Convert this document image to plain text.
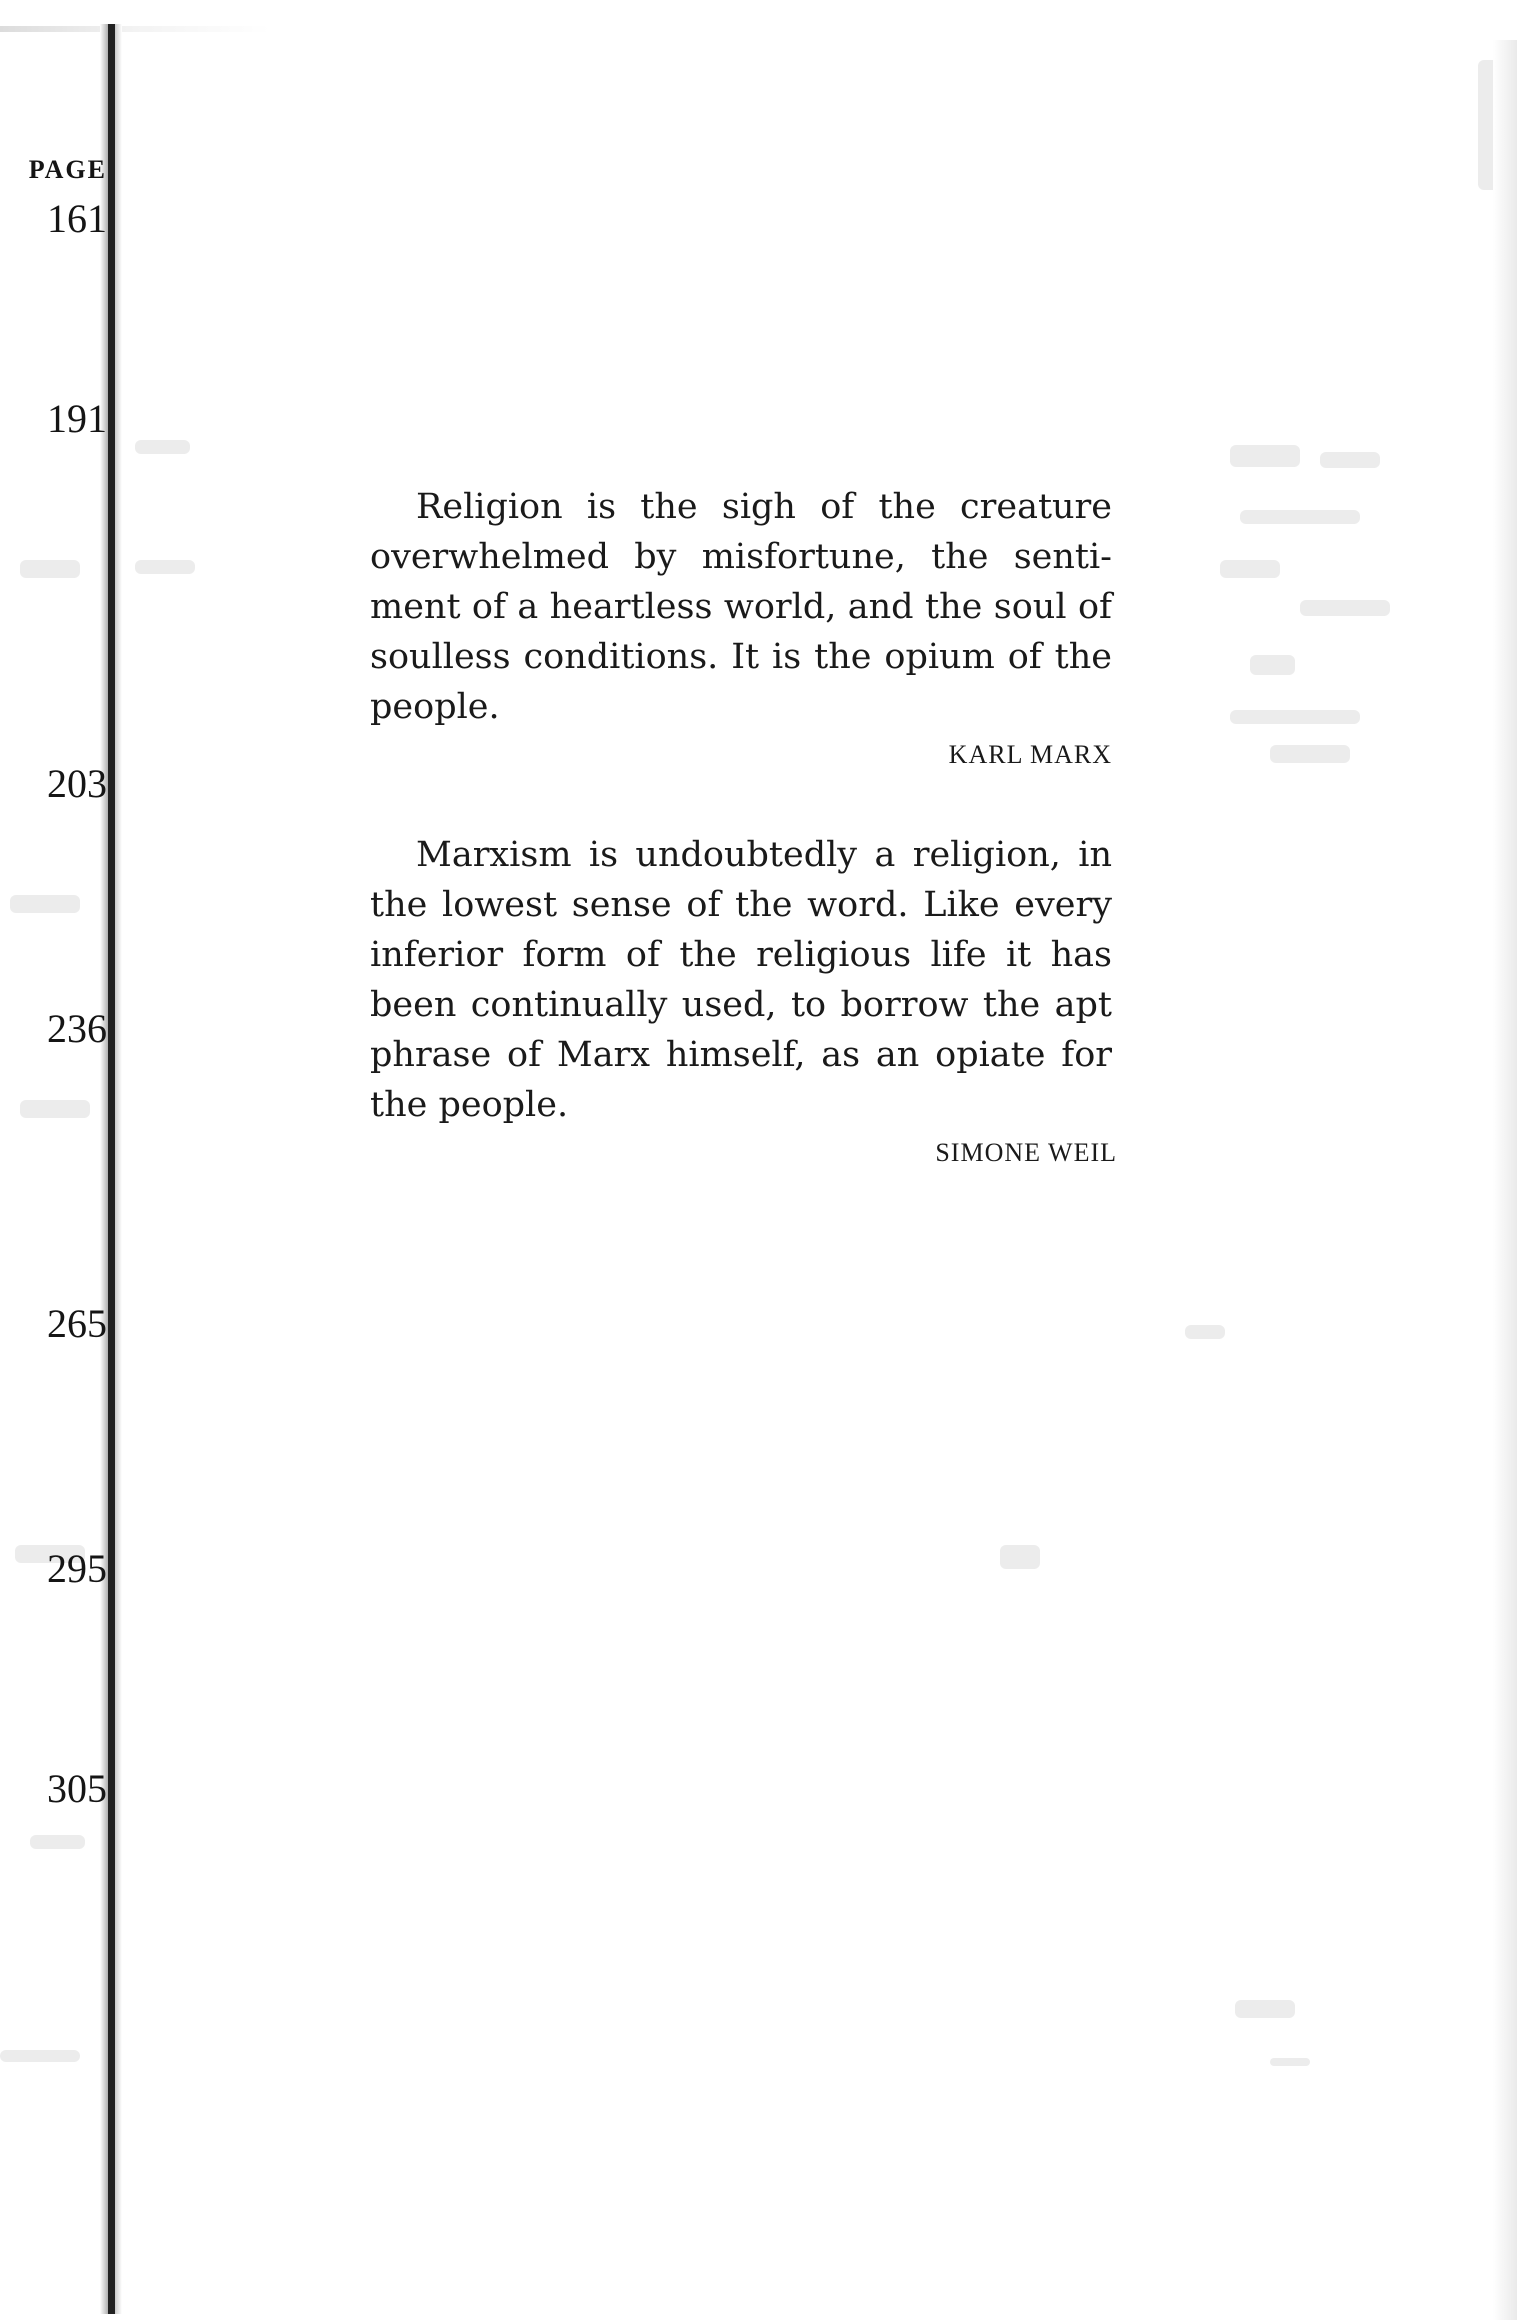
PAGE
161
191
203
236
265
295
305
Religion is the sigh of the creature overwhelmed by misfortune, the senti-ment of a heartless world, and the soul of soulless conditions. It is the opium of the people.
KARL MARX
Marxism is undoubtedly a religion, in the lowest sense of the word. Like every inferior form of the religious life it has been continually used, to borrow the apt phrase of Marx himself, as an opiate for the people.
SIMONE WEIL
